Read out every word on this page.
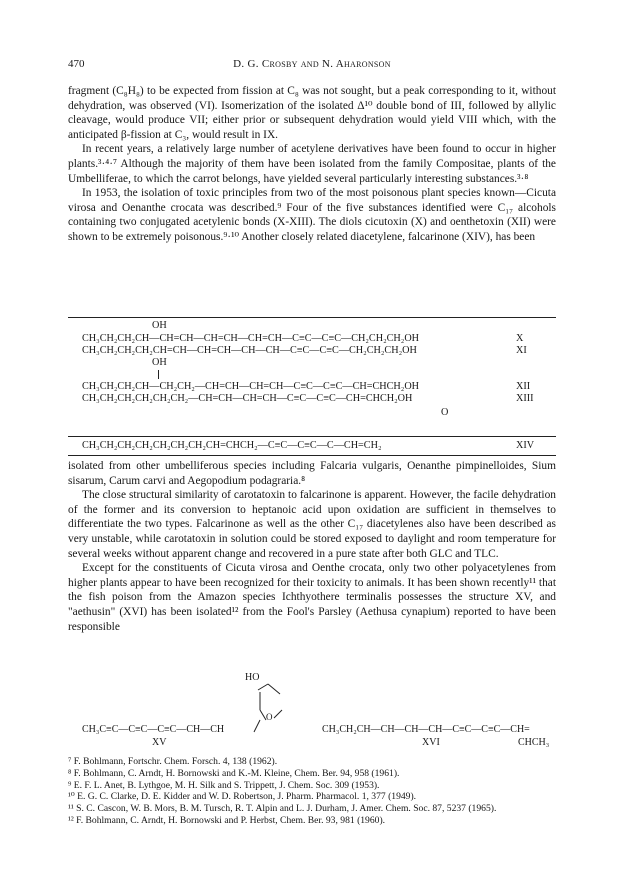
470	D. G. Crosby and N. Aharonson

fragment (C₈H₈) to be expected from fission at C₈ was not sought, but a peak corresponding to it, without dehydration, was observed (VI). Isomerization of the isolated Δ¹⁰ double bond of III, followed by allylic cleavage, would produce VII; either prior or subsequent dehydration would yield VIII which, with the anticipated β-fission at C₃, would result in IX.

In recent years, a relatively large number of acetylene derivatives have been found to occur in higher plants.³·⁴·⁷ Although the majority of them have been isolated from the family Compositae, plants of the Umbelliferae, to which the carrot belongs, have yielded several particularly interesting substances.³·⁸

In 1953, the isolation of toxic principles from two of the most poisonous plant species known—Cicuta virosa and Oenanthe crocata was described.⁹ Four of the five substances identified were C₁₇ alcohols containing two conjugated acetylenic bonds (X-XIII). The diols cicutoxin (X) and oenthetoxin (XII) were shown to be extremely poisonous.⁹·¹⁰ Another closely related diacetylene, falcarinone (XIV), has been

OH
CH₃CH₂CH₂CH—CH=CH—CH=CH—CH=CH—C≡C—C≡C—CH₂CH₂CH₂OH	X
CH₃CH₂CH₂CH₂CH=CH—CH=CH—CH—CH—C≡C—C≡C—CH₂CH₂CH₂OH	XI
OH
CH₃CH₂CH₂CH—CH₂CH₂—CH=CH—CH=CH—C≡C—C≡C—CH=CHCH₂OH	XII
CH₃CH₂CH₂CH₂CH₂CH₂—CH=CH—CH=CH—C≡C—C≡C—CH=CHCH₂OH	XIII
O
CH₃CH₂CH₂CH₂CH₂CH₂CH₂CH=CHCH₂—C≡C—C≡C—C—CH=CH₂	XIV

isolated from other umbelliferous species including Falcaria vulgaris, Oenanthe pimpinelloides, Sium sisarum, Carum carvi and Aegopodium podagraria.⁸

The close structural similarity of carotatoxin to falcarinone is apparent. However, the facile dehydration of the former and its conversion to heptanoic acid upon oxidation are sufficient in themselves to differentiate the two types. Falcarinone as well as the other C₁₇ diacetylenes also have been described as very unstable, while carotatoxin in solution could be stored exposed to daylight and room temperature for several weeks without apparent change and recovered in a pure state after both GLC and TLC.

Except for the constituents of Cicuta virosa and Oenthe crocata, only two other polyacetylenes from higher plants appear to have been recognized for their toxicity to animals. It has been shown recently¹¹ that the fish poison from the Amazon species Ichthyothere terminalis possesses the structure XV, and "aethusin" (XVI) has been isolated¹² from the Fool's Parsley (Aethusa cynapium) reported to have been responsible

HO
O
CH₃C≡C—C≡C—C≡C—CH—CH
XV
CH₃CH₂CH—CH—CH—CH—C≡C—C≡C—CH=
XVI	CHCH₃

⁷ F. Bohlmann, Fortschr. Chem. Forsch. 4, 138 (1962).

⁸ F. Bohlmann, C. Arndt, H. Bornowski and K.-M. Kleine, Chem. Ber. 94, 958 (1961).

⁹ E. F. L. Anet, B. Lythgoe, M. H. Silk and S. Trippett, J. Chem. Soc. 309 (1953).

¹⁰ E. G. C. Clarke, D. E. Kidder and W. D. Robertson, J. Pharm. Pharmacol. 1, 377 (1949).

¹¹ S. C. Cascon, W. B. Mors, B. M. Tursch, R. T. Alpin and L. J. Durham, J. Amer. Chem. Soc. 87, 5237 (1965).

¹² F. Bohlmann, C. Arndt, H. Bornowski and P. Herbst, Chem. Ber. 93, 981 (1960).
